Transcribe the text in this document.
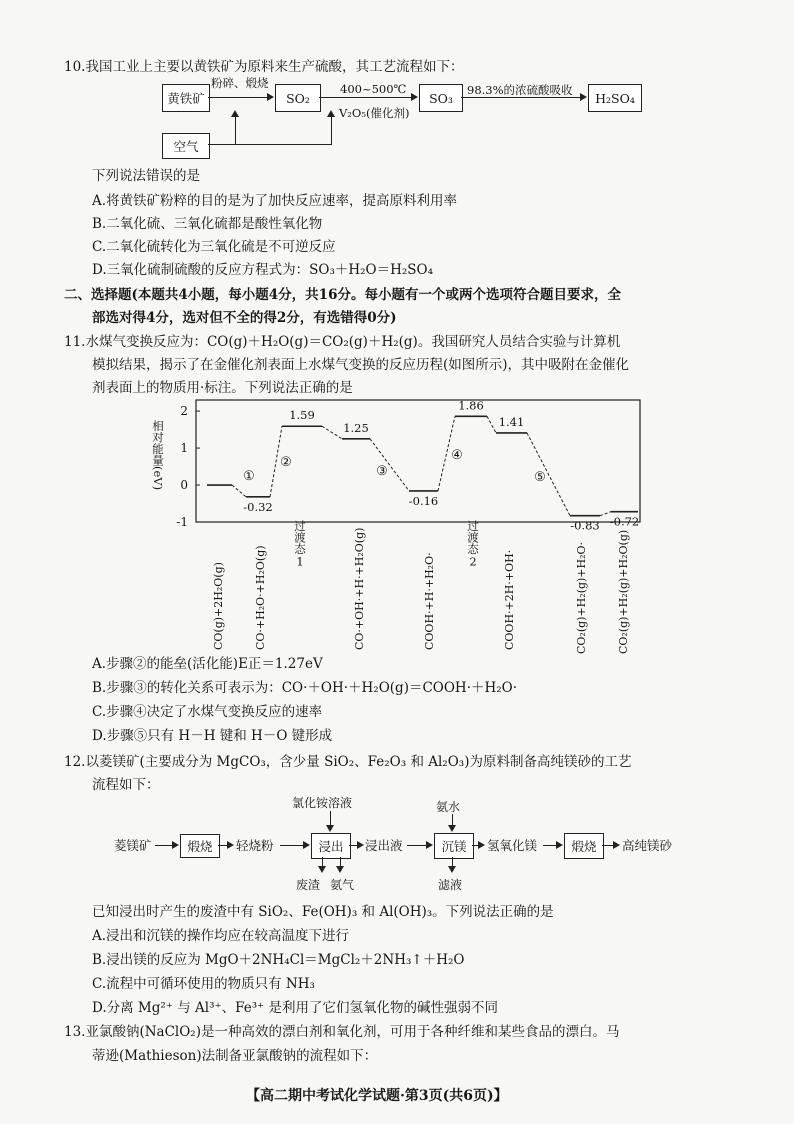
10.我国工业上主要以黄铁矿为原料来生产硫酸，其工艺流程如下：
黄铁矿
粉碎、煅烧
SO₂
400~500℃
V₂O₅(催化剂)
SO₃
98.3%的浓硫酸吸收
H₂SO₄
空气
下列说法错误的是
A.将黄铁矿粉粹的目的是为了加快反应速率，提高原料利用率
B.二氧化硫、三氧化硫都是酸性氧化物
C.二氧化硫转化为三氧化硫是不可逆反应
D.三氧化硫制硫酸的反应方程式为：SO₃＋H₂O＝H₂SO₄
二、选择题(本题共4小题，每小题4分，共16分。每小题有一个或两个选项符合题目要求，全
部选对得4分，选对但不全的得2分，有选错得0分)
11.水煤气变换反应为：CO(g)＋H₂O(g)＝CO₂(g)＋H₂(g)。我国研究人员结合实验与计算机
模拟结果，揭示了在金催化剂表面上水煤气变换的反应历程(如图所示)，其中吸附在金催化
剂表面上的物质用·标注。下列说法正确的是
相对能量(eV)
2
1
0
-1
-0.32
1.59
1.25
-0.16
1.86
1.41
-0.83 -0.72
①
②
③
④
⑤
CO(g)+2H₂O(g)	CO·+H₂O·+H₂O(g)
过渡态1	CO·+OH·+H·+H₂O(g)	COOH·+H·+H₂O·
过渡态2
COOH·+2H·+OH·	CO₂(g)+H₂(g)+H₂O·	CO₂(g)+H₂(g)+H₂O(g)
A.步骤②的能垒(活化能)E正＝1.27eV
B.步骤③的转化关系可表示为：CO·＋OH·＋H₂O(g)＝COOH·＋H₂O·
C.步骤④决定了水煤气变换反应的速率
D.步骤⑤只有 H－H 键和 H－O 键形成
12.以菱镁矿(主要成分为 MgCO₃，含少量 SiO₂、Fe₂O₃ 和 Al₂O₃)为原料制备高纯镁砂的工艺
流程如下：
菱镁矿	煅烧	轻烧粉
氯化铵溶液
浸出
废渣 氨气
浸出液
氨水
沉镁
滤液
氢氧化镁	煅烧	高纯镁砂
已知浸出时产生的废渣中有 SiO₂、Fe(OH)₃ 和 Al(OH)₃。下列说法正确的是
A.浸出和沉镁的操作均应在较高温度下进行
B.浸出镁的反应为 MgO＋2NH₄Cl＝MgCl₂＋2NH₃↑＋H₂O
C.流程中可循环使用的物质只有 NH₃
D.分离 Mg²⁺ 与 Al³⁺、Fe³⁺ 是利用了它们氢氧化物的碱性强弱不同
13.亚氯酸钠(NaClO₂)是一种高效的漂白剂和氧化剂，可用于各种纤维和某些食品的漂白。马
蒂逊(Mathieson)法制备亚氯酸钠的流程如下：
【高二期中考试化学试题·第3页(共6页)】
